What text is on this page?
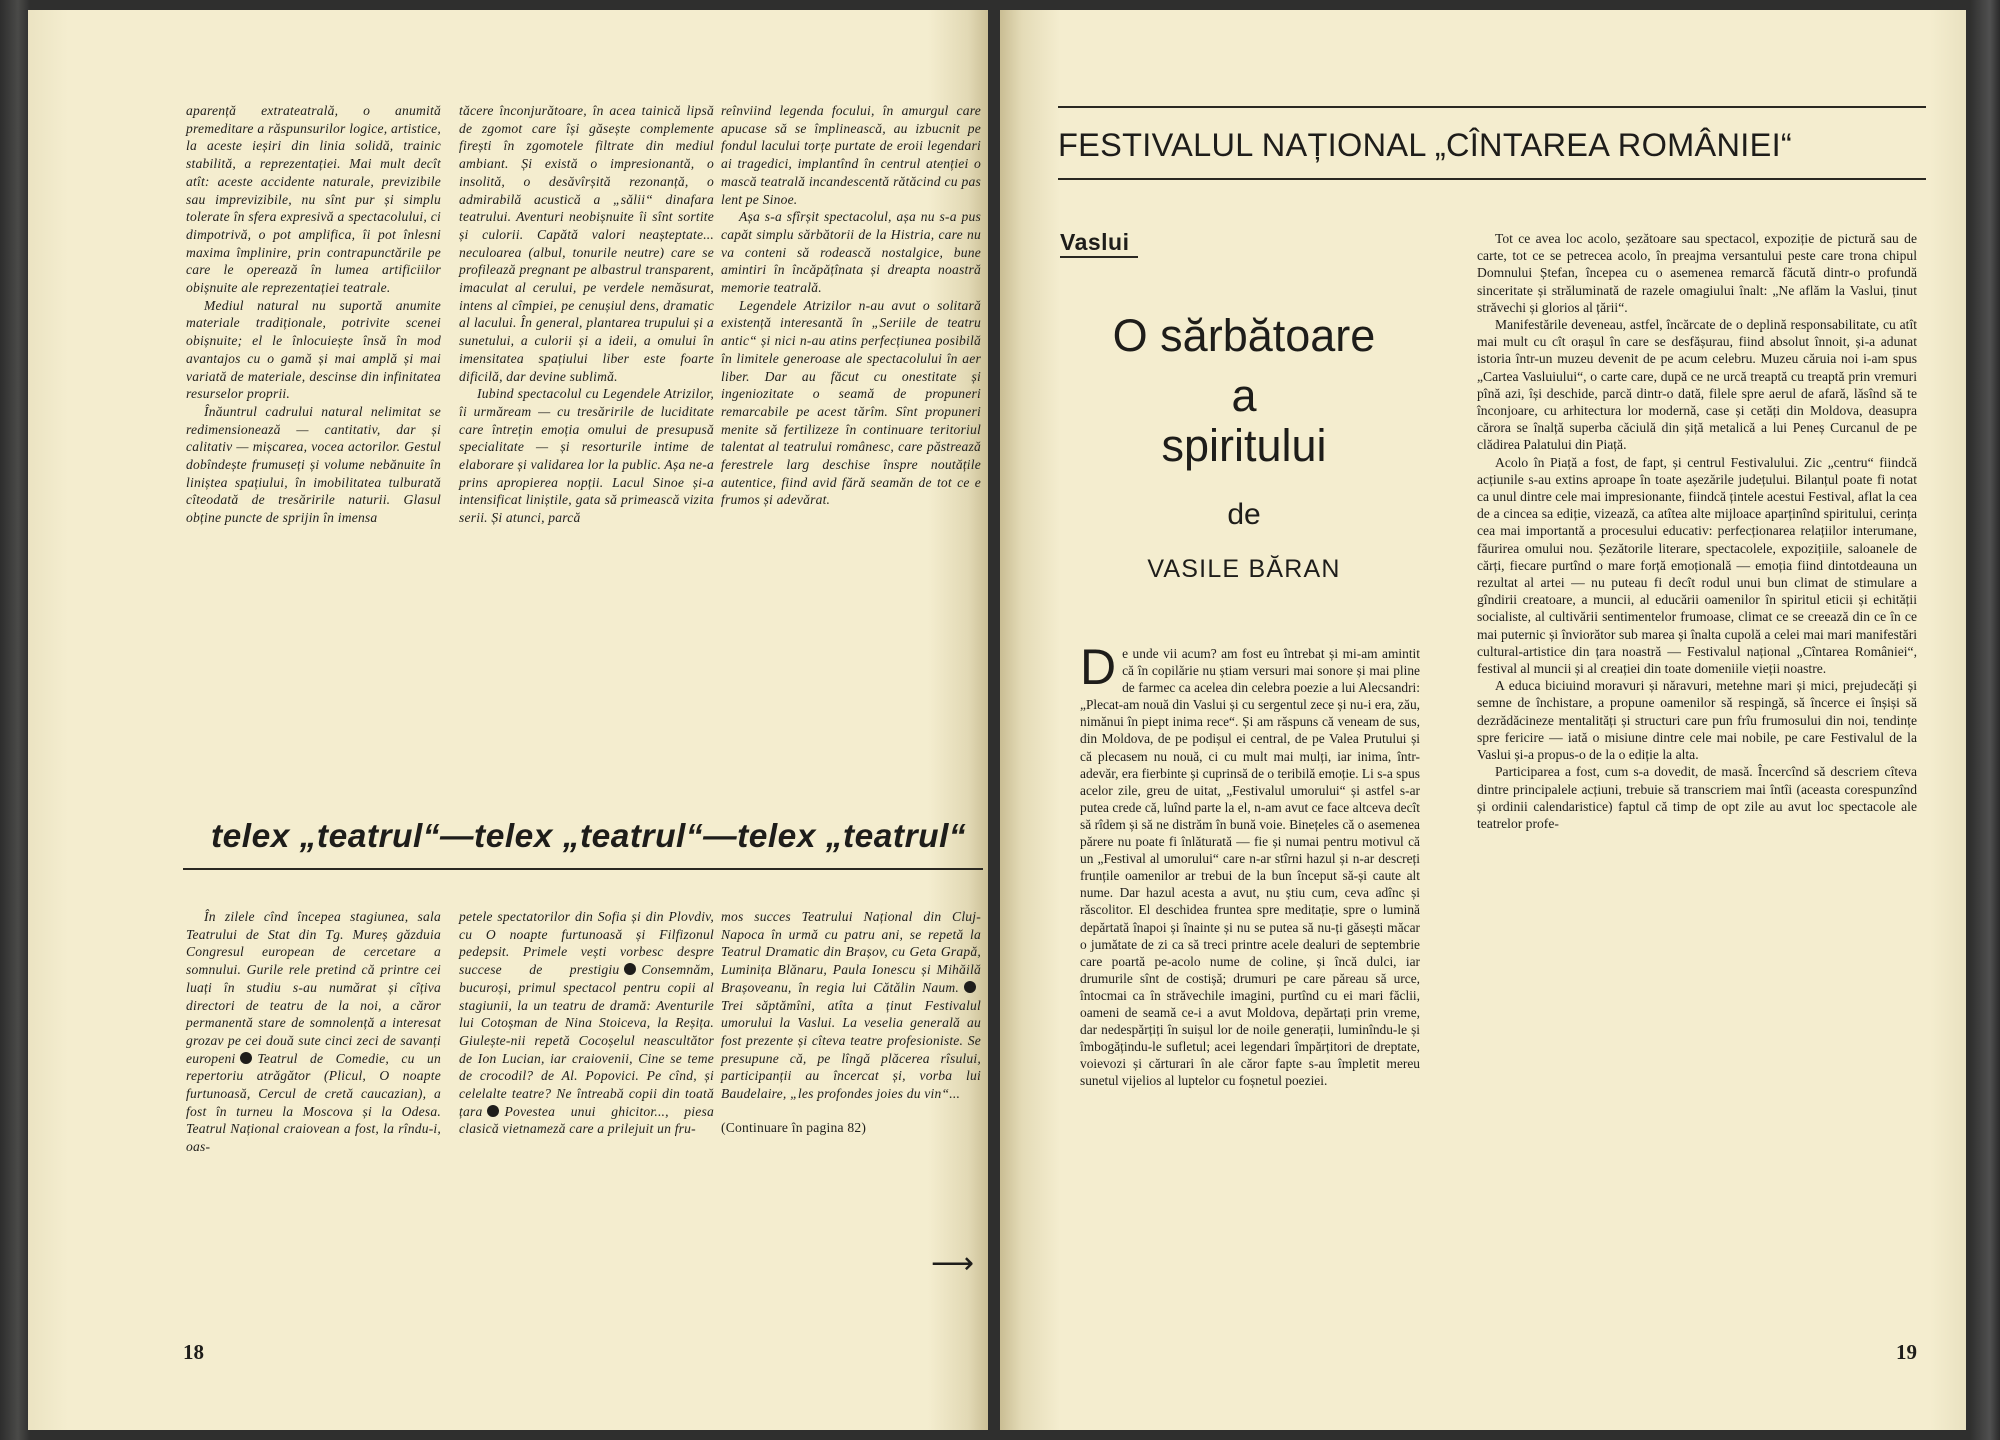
aparență extrateatrală, o anumită premeditare a răspunsurilor logice, artistice, la aceste ieșiri din linia solidă, trainic stabilită, a reprezentației. Mai mult decît atît: aceste accidente naturale, previzibile sau imprevizibile, nu sînt pur și simplu tolerate în sfera expresivă a spectacolului, ci dimpotrivă, o pot amplifica, îi pot înlesni maxima împlinire, prin contrapunctările pe care le operează în lumea artificiilor obișnuite ale reprezentației teatrale.

Mediul natural nu suportă anumite materiale tradiționale, potrivite scenei obișnuite; el le înlocuiește însă în mod avantajos cu o gamă și mai amplă și mai variată de materiale, descinse din infinitatea resurselor proprii.

Înăuntrul cadrului natural nelimitat se redimensionează — cantitativ, dar și calitativ — mișcarea, vocea actorilor. Gestul dobîndește frumuseți și volume nebănuite în liniștea spațiului, în imobilitatea tulburată cîteodată de tresăririle naturii. Glasul obține puncte de sprijin în imensa

tăcere înconjurătoare, în acea tainică lipsă de zgomot care își găsește complemente firești în zgomotele filtrate din mediul ambiant. Și există o impresionantă, o insolită, o desăvîrșită rezonanță, o admirabilă acustică a „sălii“ dinafara teatrului. Aventuri neobișnuite îi sînt sortite și culorii. Capătă valori neașteptate... neculoarea (albul, tonurile neutre) care se profilează pregnant pe albastrul transparent, imaculat al cerului, pe verdele nemăsurat, intens al cîmpiei, pe cenușiul dens, dramatic al lacului. În general, plantarea trupului și a sunetului, a culorii și a ideii, a omului în imensitatea spațiului liber este foarte dificilă, dar devine sublimă.

Iubind spectacolul cu Legendele Atrizilor, îi urmăream — cu tresăririle de luciditate care întrețin emoția omului de presupusă specialitate — și resorturile intime de elaborare și validarea lor la public. Așa ne-a prins apropierea nopții. Lacul Sinoe și-a intensificat liniștile, gata să primească vizita serii. Și atunci, parcă

reînviind legenda focului, în amurgul care apucase să se împlinească, au izbucnit pe fondul lacului torțe purtate de eroii legendari ai tragedici, implantînd în centrul atenției o mască teatrală incandescentă rătăcind cu pas lent pe Sinoe.

Așa s-a sfîrșit spectacolul, așa nu s-a pus capăt simplu sărbătorii de la Histria, care nu va conteni să rodească nostalgice, bune amintiri în încăpățînata și dreapta noastră memorie teatrală.

Legendele Atrizilor n-au avut o solitară existență interesantă în „Seriile de teatru antic“ și nici n-au atins perfecțiunea posibilă în limitele generoase ale spectacolului în aer liber. Dar au făcut cu onestitate și ingeniozitate o seamă de propuneri remarcabile pe acest tărîm. Sînt propuneri menite să fertilizeze în continuare teritoriul talentat al teatrului românesc, care păstrează ferestrele larg deschise înspre noutățile autentice, fiind avid fără seamăn de tot ce e frumos și adevărat.

telex „teatrul“—telex „teatrul“—telex „teatrul“

În zilele cînd începea stagiunea, sala Teatrului de Stat din Tg. Mureș găzduia Congresul european de cercetare a somnului. Gurile rele pretind că printre cei luați în studiu s-au numărat și cîțiva directori de teatru de la noi, a căror permanentă stare de somnolență a interesat grozav pe cei două sute cinci zeci de savanți europeni Teatrul de Comedie, cu un repertoriu atrăgător (Plicul, O noapte furtunoasă, Cercul de cretă caucazian), a fost în turneu la Moscova și la Odesa. Teatrul Național craiovean a fost, la rîndu-i, oas-

petele spectatorilor din Sofia și din Plovdiv, cu O noapte furtunoasă și Filfizonul pedepsit. Primele vești vorbesc despre succese de prestigiu Consemnăm, bucuroși, primul spectacol pentru copii al stagiunii, la un teatru de dramă: Aventurile lui Cotoșman de Nina Stoiceva, la Reșița. Giulește-nii repetă Cocoșelul neascultător de Ion Lucian, iar craiovenii, Cine se teme de crocodil? de Al. Popovici. Pe cînd, și celelalte teatre? Ne întreabă copii din toată țara Povestea unui ghicitor..., piesa clasică vietnameză care a prilejuit un fru-

mos succes Teatrului Național din Cluj-Napoca în urmă cu patru ani, se repetă la Teatrul Dramatic din Brașov, cu Geta Grapă, Luminița Blănaru, Paula Ionescu și Mihăilă Brașoveanu, în regia lui Cătălin Naum.Trei săptămîni, atîta a ținut Festivalul umorului la Vaslui. La veselia generală au fost prezente și cîteva teatre profesioniste. Se presupune că, pe lîngă plăcerea rîsului, participanții au încercat și, vorba lui Baudelaire, „les profondes joies du vin“...

(Continuare în pagina 82)

⟶
18
FESTIVALUL NAȚIONAL „CÎNTAREA ROMÂNIEI“
Vaslui
O sărbătoare
a
spiritului
de
VASILE BĂRAN

De unde vii acum? am fost eu întrebat și mi-am amintit că în copilărie nu știam versuri mai sonore și mai pline de farmec ca acelea din celebra poezie a lui Alecsandri: „Plecat-am nouă din Vaslui și cu sergentul zece și nu-i era, zău, nimănui în piept inima rece“. Și am răspuns că veneam de sus, din Moldova, de pe podișul ei central, de pe Valea Prutului și că plecasem nu nouă, ci cu mult mai mulți, iar inima, într-adevăr, era fierbinte și cuprinsă de o teribilă emoție. Li s-a spus acelor zile, greu de uitat, „Festivalul umorului“ și astfel s-ar putea crede că, luînd parte la el, n-am avut ce face altceva decît să rîdem și să ne distrăm în bună voie. Binețeles că o asemenea părere nu poate fi înlăturată — fie și numai pentru motivul că un „Festival al umorului“ care n-ar stîrni hazul și n-ar descreți frunțile oamenilor ar trebui de la bun început să-și caute alt nume. Dar hazul acesta a avut, nu știu cum, ceva adînc și răscolitor. El deschidea fruntea spre meditație, spre o lumină depărtată înapoi și înainte și nu se putea să nu-ți găsești măcar o jumătate de zi ca să treci printre acele dealuri de septembrie care poartă pe-acolo nume de coline, și încă dulci, iar drumurile sînt de costișă; drumuri pe care păreau să urce, întocmai ca în străvechile imagini, purtînd cu ei mari făclii, oameni de seamă ce-i a avut Moldova, depărtați prin vreme, dar nedespărțiți în suișul lor de noile generații, luminîndu-le și îmbogățindu-le sufletul; acei legendari împărțitori de dreptate, voievozi și cărturari în ale căror fapte s-au împletit mereu sunetul vijelios al luptelor cu foșnetul poeziei.

Tot ce avea loc acolo, șezătoare sau spectacol, expoziție de pictură sau de carte, tot ce se petrecea acolo, în preajma versantului peste care trona chipul Domnului Ștefan, începea cu o asemenea remarcă făcută dintr-o profundă sinceritate și străluminată de razele omagiului înalt: „Ne aflăm la Vaslui, ținut străvechi și glorios al țării“.

Manifestările deveneau, astfel, încărcate de o deplină responsabilitate, cu atît mai mult cu cît orașul în care se desfășurau, fiind absolut înnoit, și-a adunat istoria într-un muzeu devenit de pe acum celebru. Muzeu căruia noi i-am spus „Cartea Vasluiului“, o carte care, după ce ne urcă treaptă cu treaptă prin vremuri pînă azi, își deschide, parcă dintr-o dată, filele spre aerul de afară, lăsînd să te înconjoare, cu arhitectura lor modernă, case și cetăți din Moldova, deasupra cărora se înalță superba căciulă din șiță metalică a lui Peneș Curcanul de pe clădirea Palatului din Piață.

Acolo în Piață a fost, de fapt, și centrul Festivalului. Zic „centru“ fiindcă acțiunile s-au extins aproape în toate așezările județului. Bilanțul poate fi notat ca unul dintre cele mai impresionante, fiindcă țintele acestui Festival, aflat la cea de a cincea sa ediție, vizează, ca atîtea alte mijloace aparținînd spiritului, cerința cea mai importantă a procesului educativ: perfecționarea relațiilor interumane, făurirea omului nou. Șezătorile literare, spectacolele, expozițiile, saloanele de cărți, fiecare purtînd o mare forță emoțională — emoția fiind dintotdeauna un rezultat al artei — nu puteau fi decît rodul unui bun climat de stimulare a gîndirii creatoare, a muncii, al educării oamenilor în spiritul eticii și echității socialiste, al cultivării sentimentelor frumoase, climat ce se creează din ce în ce mai puternic și înviorător sub marea și înalta cupolă a celei mai mari manifestări cultural-artistice din țara noastră — Festivalul național „Cîntarea României“, festival al muncii și al creației din toate domeniile vieții noastre.

A educa biciuind moravuri și năravuri, metehne mari și mici, prejudecăți și semne de închistare, a propune oamenilor să respingă, să încerce ei înșiși să dezrădăcineze mentalități și structuri care pun frîu frumosului din noi, tendințe spre fericire — iată o misiune dintre cele mai nobile, pe care Festivalul de la Vaslui și-a propus-o de la o ediție la alta.

Participarea a fost, cum s-a dovedit, de masă. Încercînd să descriem cîteva dintre principalele acțiuni, trebuie să transcriem mai întîi (aceasta corespunzînd și ordinii calendaristice) faptul că timp de opt zile au avut loc spectacole ale teatrelor profe-

19
